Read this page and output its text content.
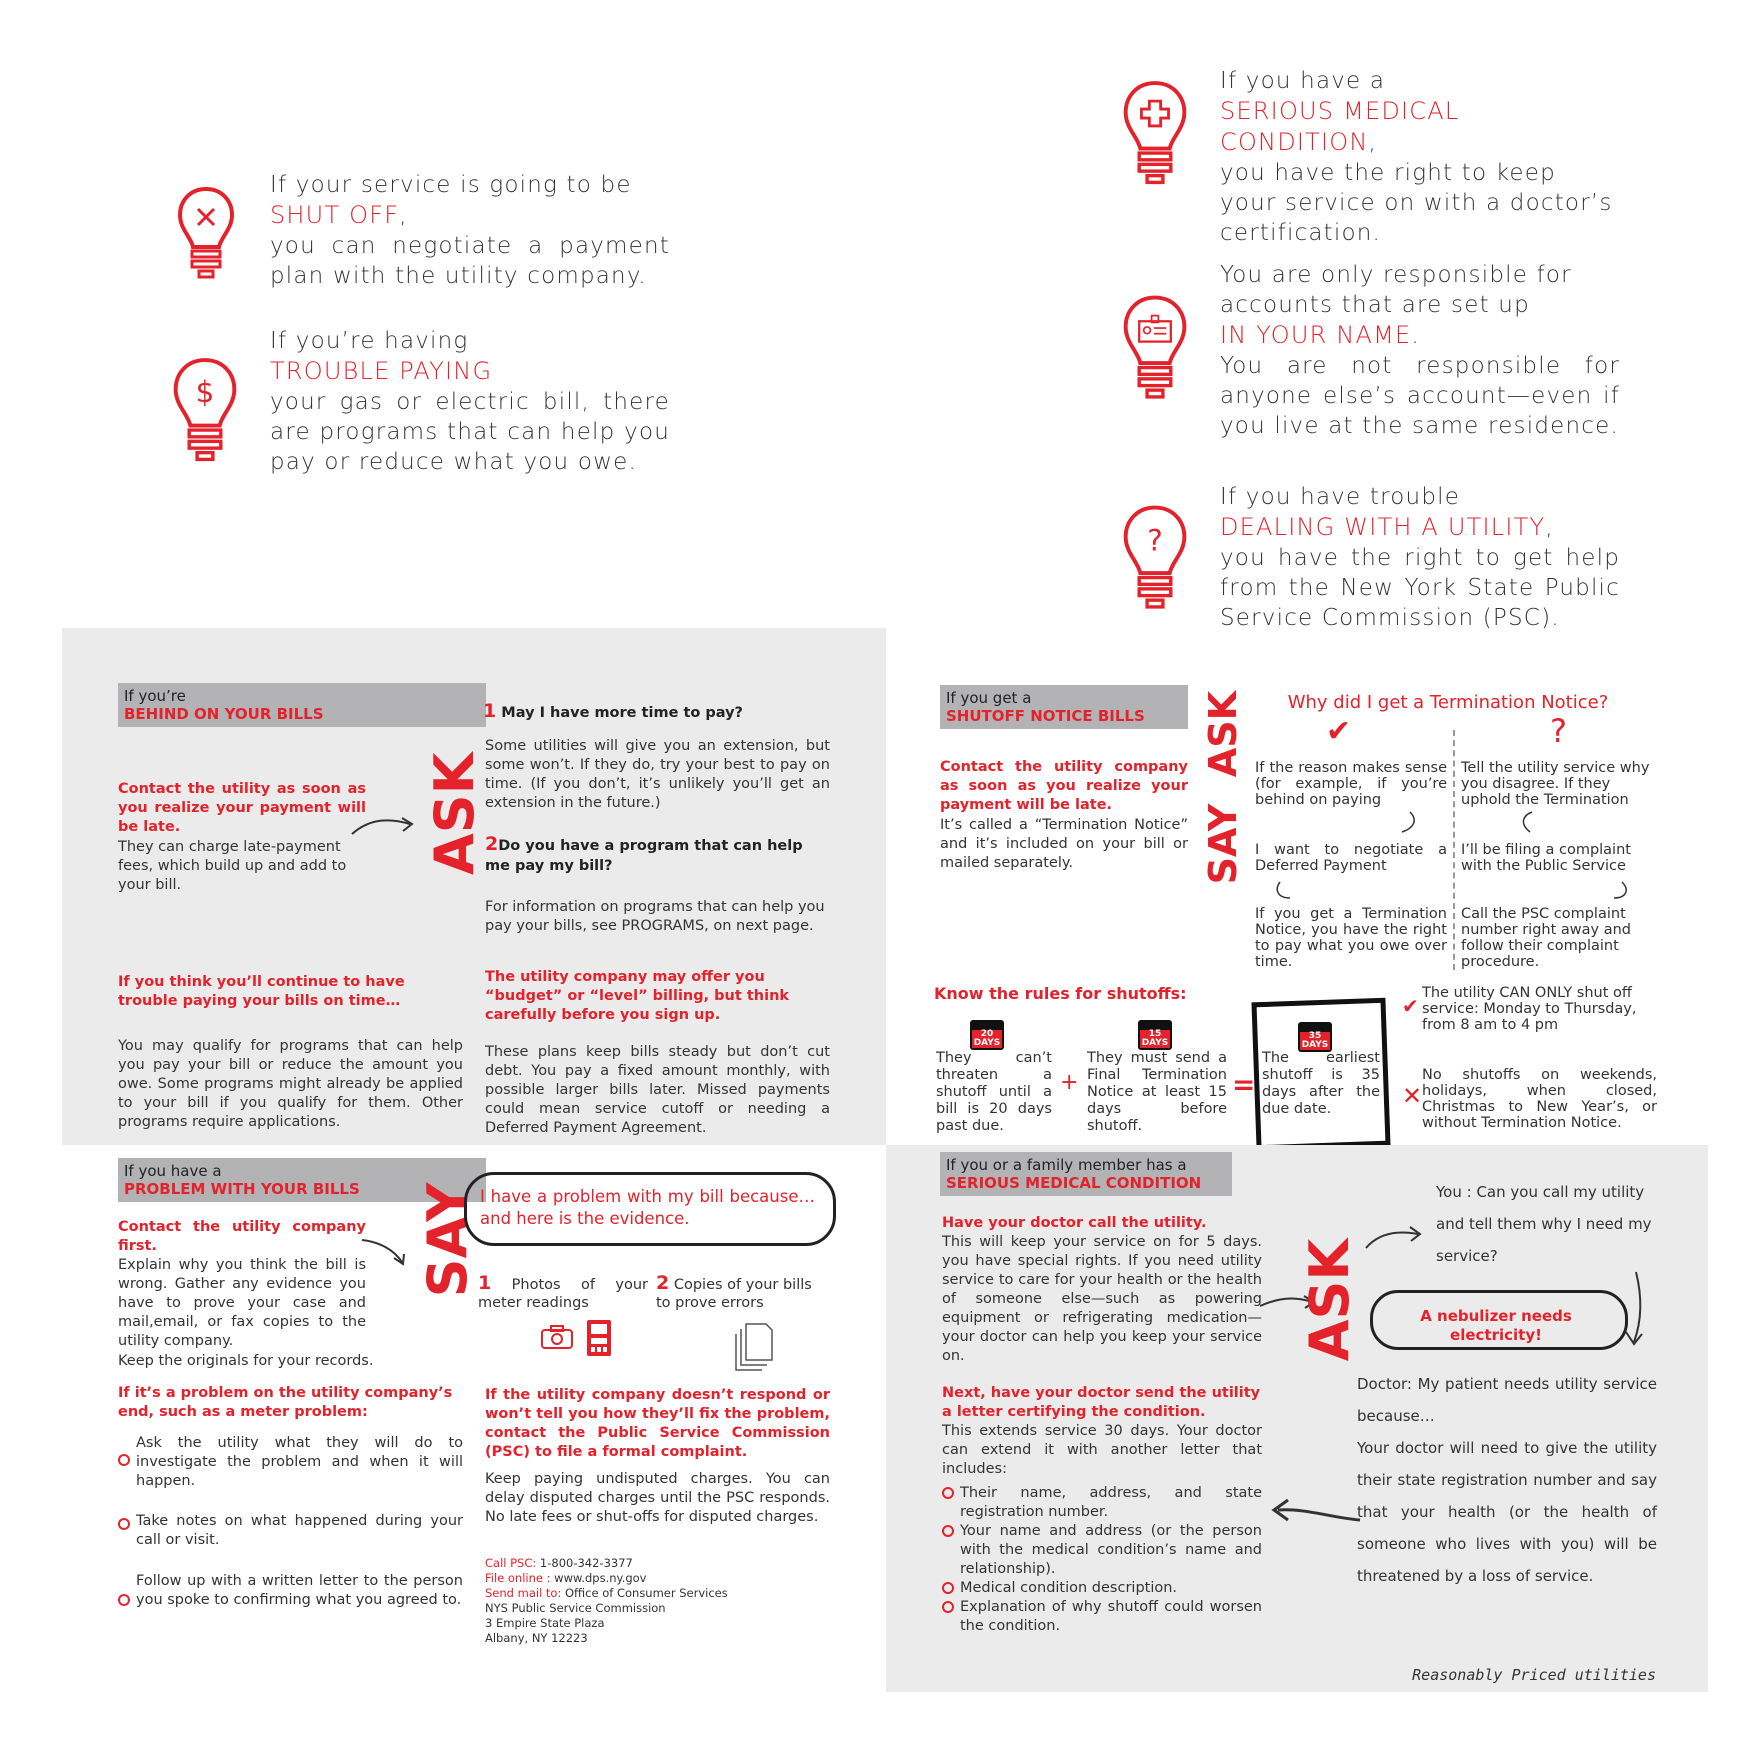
If your service is going to be
SHUT OFF,
you can negotiate a payment plan with the utility company.
$
If you’re having
TROUBLE PAYING
your gas or electric bill, there are programs that can help you pay or reduce what you owe.
If you have a
SERIOUS MEDICAL CONDITION,
you have the right to keep your service on with a doctor’s certification.
You are only responsible for accounts that are set up
IN YOUR NAME.
You are not responsible for anyone else’s account—even if you live at the same residence.
?
If you have trouble
DEALING WITH A UTILITY,
you have the right to get help from the New York State Public Service Commission (PSC).
If you’re
BEHIND ON YOUR BILLS
Contact the utility as soon as you realize your payment will be late.
They can charge late-payment fees, which build up and add to your bill.
ASK
1 May I have more time to pay?
Some utilities will give you an extension, but some won’t. If they do, try your best to pay on time. (If you don’t, it’s unlikely you’ll get an extension in the future.)
2Do you have a program that can help me pay my bill?
For information on programs that can help you pay your bills, see PROGRAMS, on next page.
If you think you’ll continue to have trouble paying your bills on time…
You may qualify for programs that can help you pay your bill or reduce the amount you owe. Some programs might already be applied to your bill if you qualify for them. Other programs require applications.
The utility company may offer you “budget” or “level” billing, but think carefully before you sign up.
These plans keep bills steady but don’t cut debt. You pay a fixed amount monthly, with possible larger bills later. Missed payments could mean service cutoff or needing a Deferred Payment Agreement.
If you get a
SHUTOFF NOTICE BILLS
Contact the utility company as soon as you realize your payment will be late.
It’s called a “Termination Notice” and it’s included on your bill or mailed separately.
ASK
SAY
Why did I get a Termination Notice?
✔	?
If the reason makes sense (for example, if you’re behind on paying
I want to negotiate a Deferred Payment
If you get a Termination Notice, you have the right to pay what you owe over time.
Tell the utility service why you disagree. If they uphold the Termination
I’ll be filing a complaint with the Public Service
Call the PSC complaint number right away and follow their complaint procedure.
Know the rules for shutoffs:
20
DAYS
15
DAYS
35
DAYS
They can’t threaten a shutoff until a bill is 20 days past due.
+
They must send a Final Termination Notice at least 15 days before shutoff.
=
The earliest shutoff is 35 days after the due date.
✔
The utility CAN ONLY shut off service: Monday to Thursday, from 8 am to 4 pm
✕
No shutoffs on weekends, holidays, when closed, Christmas to New Year’s, or without Termination Notice.
If you have a
PROBLEM WITH YOUR BILLS
Contact the utility company first.
Explain why you think the bill is wrong. Gather any evidence you have to prove your case and mail,email, or fax copies to the utility company.
Keep the originals for your records.
SAY I have a problem with my bill because… and here is the evidence.
1 Photos of your meter readings
2 Copies of your bills to prove errors
If it’s a problem on the utility company’s end, such as a meter problem:
Ask the utility what they will do to investigate the problem and when it will happen.
Take notes on what happened during your call or visit.
Follow up with a written letter to the person you spoke to confirming what you agreed to.
If the utility company doesn’t respond or won’t tell you how they’ll fix the problem, contact the Public Service Commission (PSC) to file a formal complaint.
Keep paying undisputed charges. You can delay disputed charges until the PSC responds. No late fees or shut-offs for disputed charges.
Call PSC: 1-800-342-3377
File online : www.dps.ny.gov
Send mail to: Office of Consumer Services
NYS Public Service Commission
3 Empire State Plaza
Albany, NY 12223
If you or a family member has a
SERIOUS MEDICAL CONDITION
Have your doctor call the utility.
This will keep your service on for 5 days. you have special rights. If you need utility service to care for your health or the health of someone else—such as powering equipment or refrigerating medication—your doctor can help you keep your service on.
Next, have your doctor send the utility a letter certifying the condition.
This extends service 30 days. Your doctor can extend it with another letter that includes:
Their name, address, and state registration number.
Your name and address (or the person with the medical condition’s name and relationship).
Medical condition description.
Explanation of why shutoff could worsen the condition.
ASK
You : Can you call my utility and tell them why I need my service?
A nebulizer needs electricity!
Doctor: My patient needs utility service because…
Your doctor will need to give the utility their state registration number and say that your health (or the health of someone who lives with you) will be threatened by a loss of service.
Reasonably Priced utilities
